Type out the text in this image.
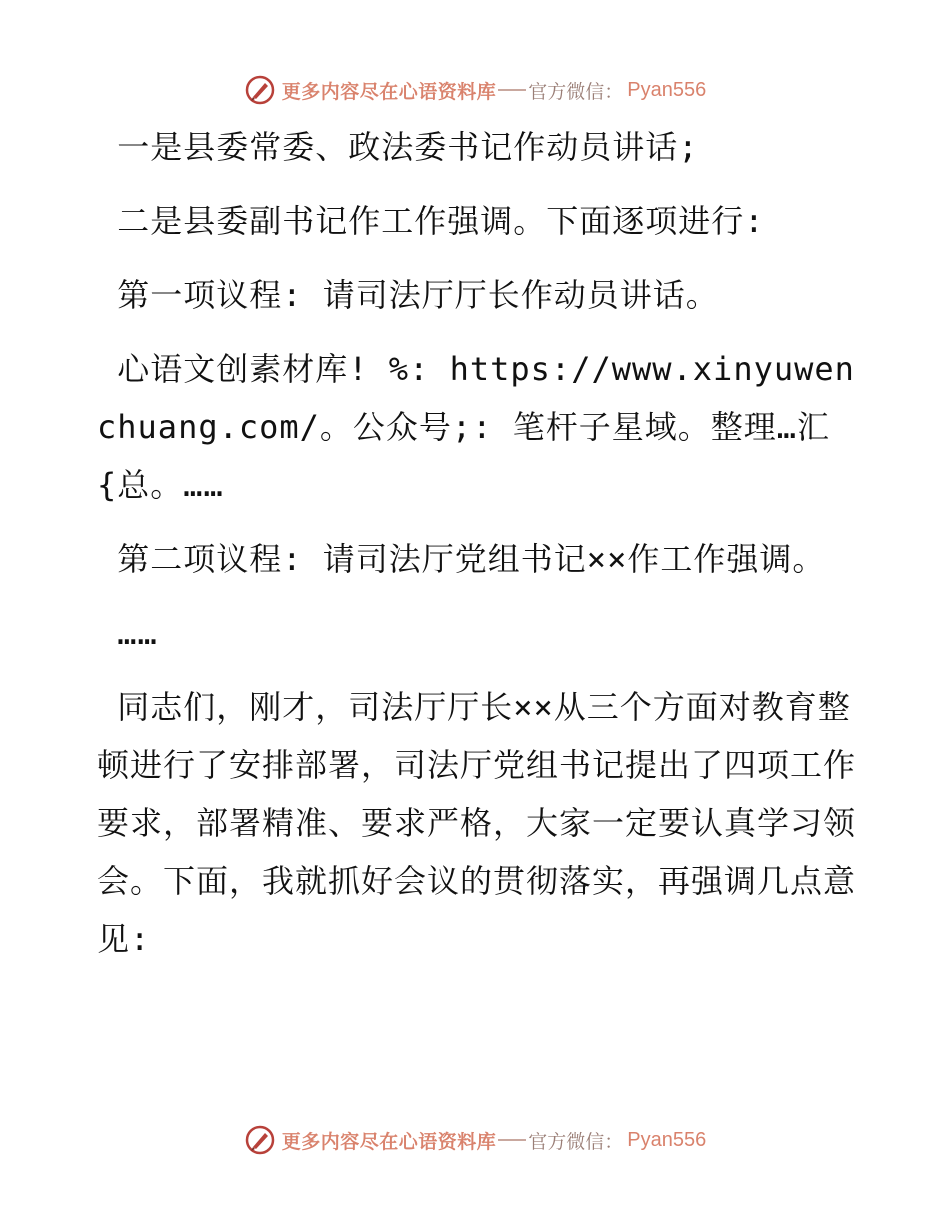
更多内容尽在心语资料库 官方微信： Pyan556

一是县委常委、政法委书记作动员讲话;

二是县委副书记作工作强调。下面逐项进行:

第一项议程: 请司法厅厅长作动员讲话。

心语文创素材库! %: https://www.xinyuwenchuang.com/。公众号;: 笔杆子星域。整理…汇{总。……

第二项议程: 请司法厅党组书记××作工作强调。

……

同志们，刚才，司法厅厅长××从三个方面对教育整顿进行了安排部署，司法厅党组书记提出了四项工作要求，部署精准、要求严格，大家一定要认真学习领会。下面，我就抓好会议的贯彻落实，再强调几点意见:

更多内容尽在心语资料库 官方微信： Pyan556
